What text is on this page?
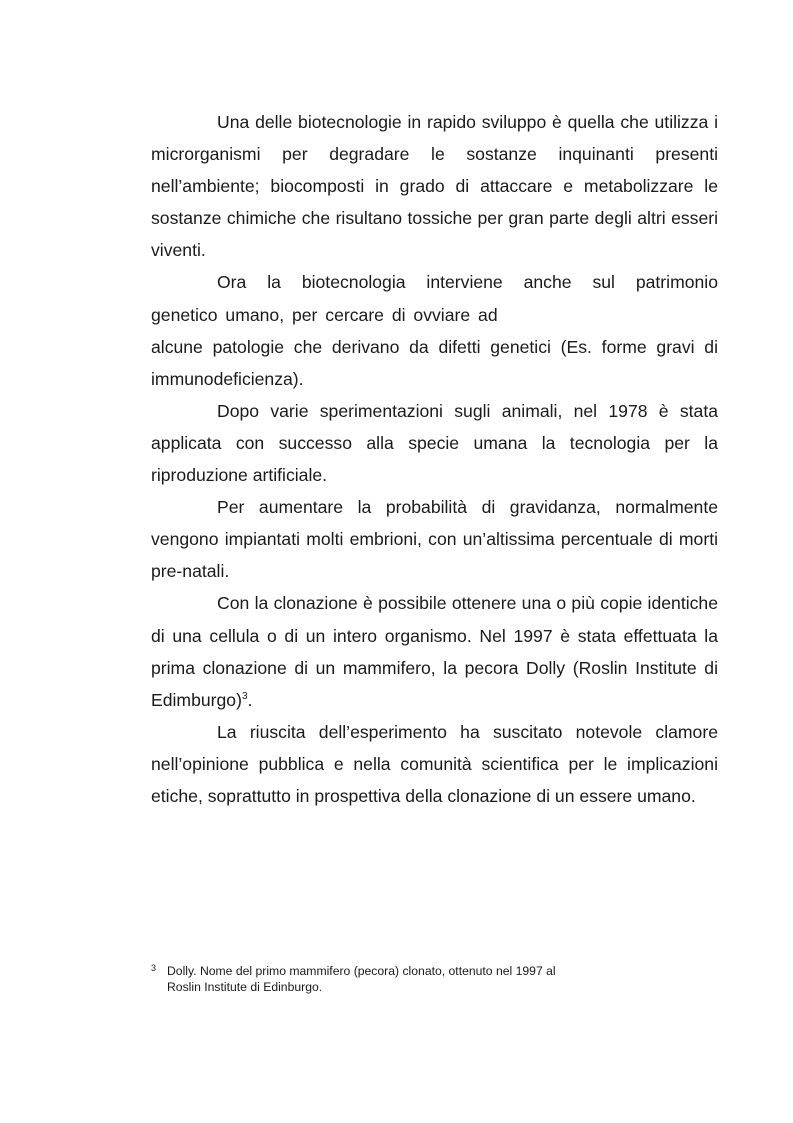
Una delle biotecnologie in rapido sviluppo è quella che utilizza i microrganismi per degradare le sostanze inquinanti presenti nell’ambiente; biocomposti in grado di attaccare e metabolizzare le sostanze chimiche che risultano tossiche per gran parte degli altri esseri viventi.

Ora la biotecnologia interviene anche sul patrimonio
genetico umano, per cercare di ovviare ad
alcune patologie che derivano da difetti genetici (Es. forme gravi di immunodeficienza).

Dopo varie sperimentazioni sugli animali, nel 1978 è stata applicata con successo alla specie umana la tecnologia per la riproduzione artificiale.

Per aumentare la probabilità di gravidanza, normalmente vengono impiantati molti embrioni, con un’altissima percentuale di morti pre-natali.

Con la clonazione è possibile ottenere una o più copie identiche di una cellula o di un intero organismo. Nel 1997 è stata effettuata la prima clonazione di un mammifero, la pecora Dolly (Roslin Institute di Edimburgo)$^3$.

La riuscita dell’esperimento ha suscitato notevole clamore nell’opinione pubblica e nella comunità scientifica per le implicazioni etiche, soprattutto in prospettiva della clonazione di un essere umano.

3 Dolly. Nome del primo mammifero (pecora) clonato, ottenuto nel 1997 al
Roslin Institute di Edinburgo.
